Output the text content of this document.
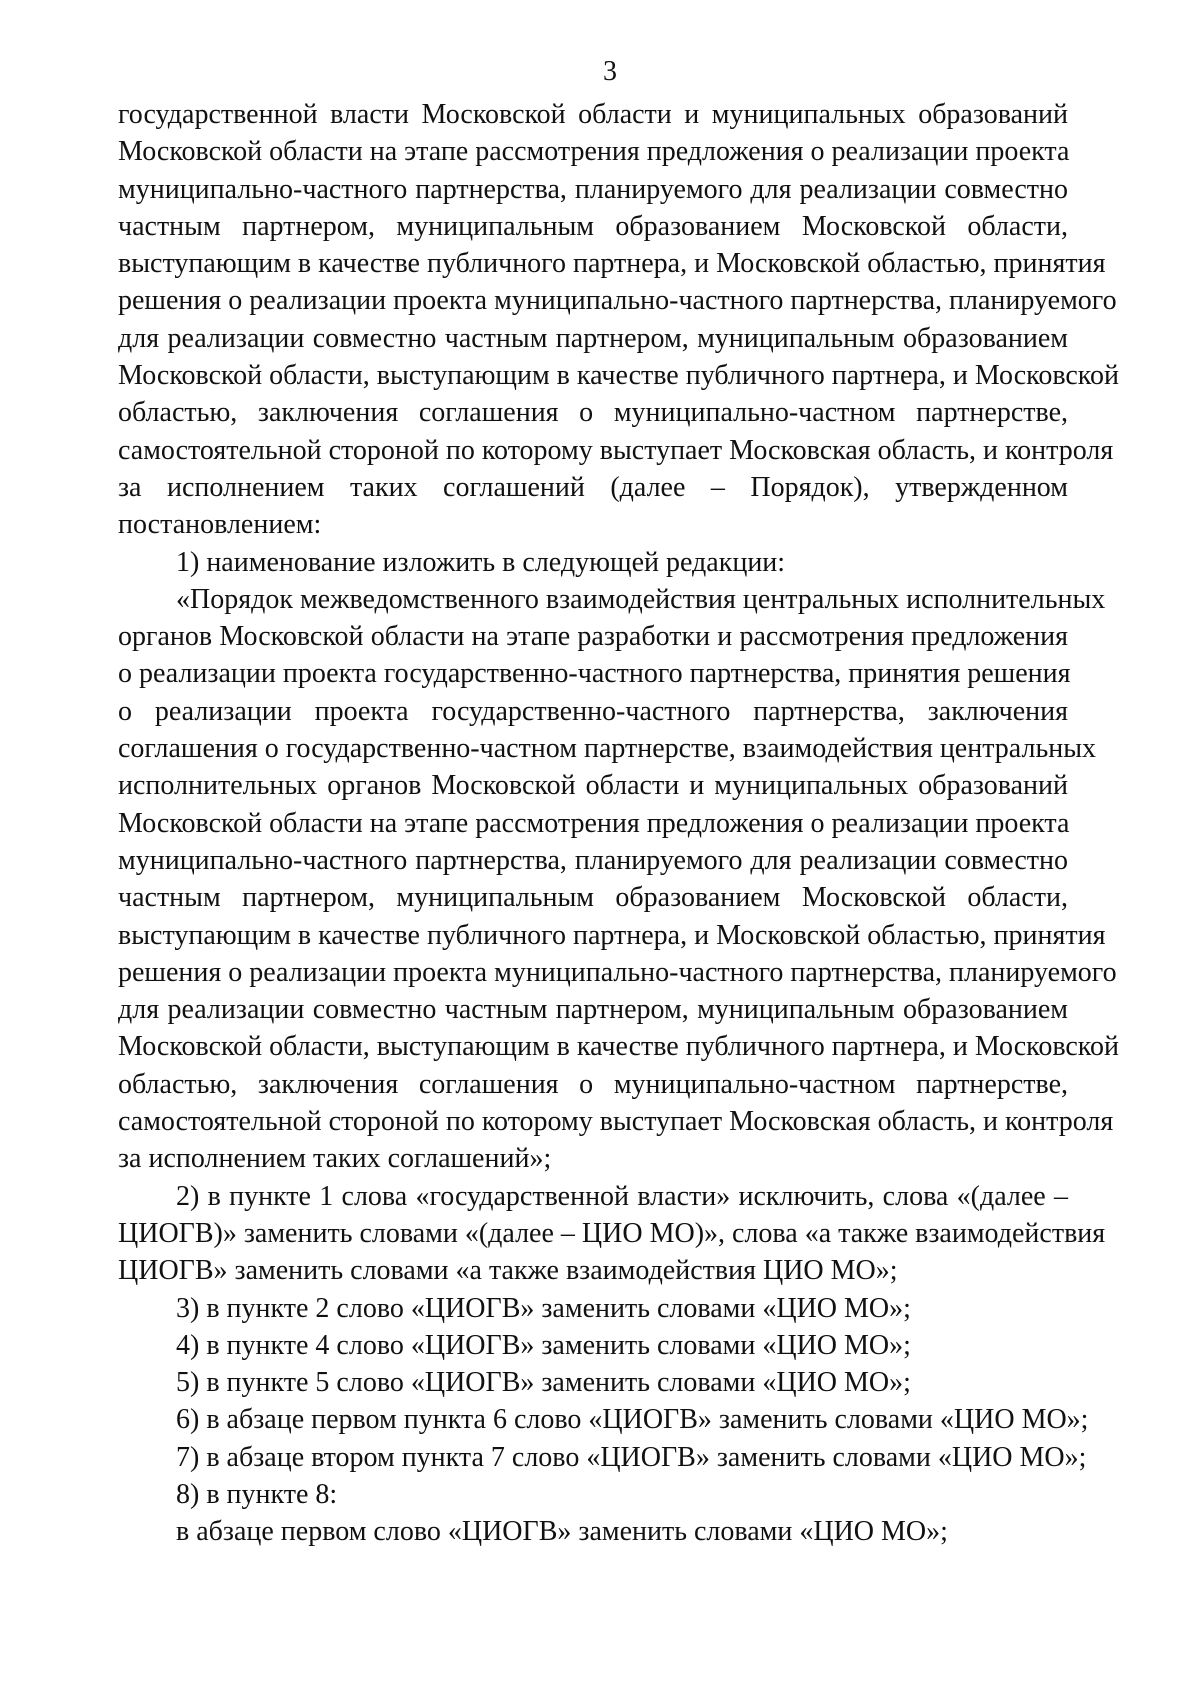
3
государственной власти Московской области и муниципальных образований
Московской области на этапе рассмотрения предложения о реализации проекта
муниципально-частного партнерства, планируемого для реализации совместно
частным партнером, муниципальным образованием Московской области,
выступающим в качестве публичного партнера, и Московской областью, принятия
решения о реализации проекта муниципально-частного партнерства, планируемого
для реализации совместно частным партнером, муниципальным образованием
Московской области, выступающим в качестве публичного партнера, и Московской
областью, заключения соглашения о муниципально-частном партнерстве,
самостоятельной стороной по которому выступает Московская область, и контроля
за исполнением таких соглашений (далее – Порядок), утвержденном
постановлением:
1) наименование изложить в следующей редакции:
«Порядок межведомственного взаимодействия центральных исполнительных
органов Московской области на этапе разработки и рассмотрения предложения
о реализации проекта государственно-частного партнерства, принятия решения
о реализации проекта государственно-частного партнерства, заключения
соглашения о государственно-частном партнерстве, взаимодействия центральных
исполнительных органов Московской области и муниципальных образований
Московской области на этапе рассмотрения предложения о реализации проекта
муниципально-частного партнерства, планируемого для реализации совместно
частным партнером, муниципальным образованием Московской области,
выступающим в качестве публичного партнера, и Московской областью, принятия
решения о реализации проекта муниципально-частного партнерства, планируемого
для реализации совместно частным партнером, муниципальным образованием
Московской области, выступающим в качестве публичного партнера, и Московской
областью, заключения соглашения о муниципально-частном партнерстве,
самостоятельной стороной по которому выступает Московская область, и контроля
за исполнением таких соглашений»;
2) в пункте 1 слова «государственной власти» исключить, слова «(далее –
ЦИОГВ)» заменить словами «(далее – ЦИО МО)», слова «а также взаимодействия
ЦИОГВ» заменить словами «а также взаимодействия ЦИО МО»;
3) в пункте 2 слово «ЦИОГВ» заменить словами «ЦИО МО»;
4) в пункте 4 слово «ЦИОГВ» заменить словами «ЦИО МО»;
5) в пункте 5 слово «ЦИОГВ» заменить словами «ЦИО МО»;
6) в абзаце первом пункта 6 слово «ЦИОГВ» заменить словами «ЦИО МО»;
7) в абзаце втором пункта 7 слово «ЦИОГВ» заменить словами «ЦИО МО»;
8) в пункте 8:
в абзаце первом слово «ЦИОГВ» заменить словами «ЦИО МО»;
